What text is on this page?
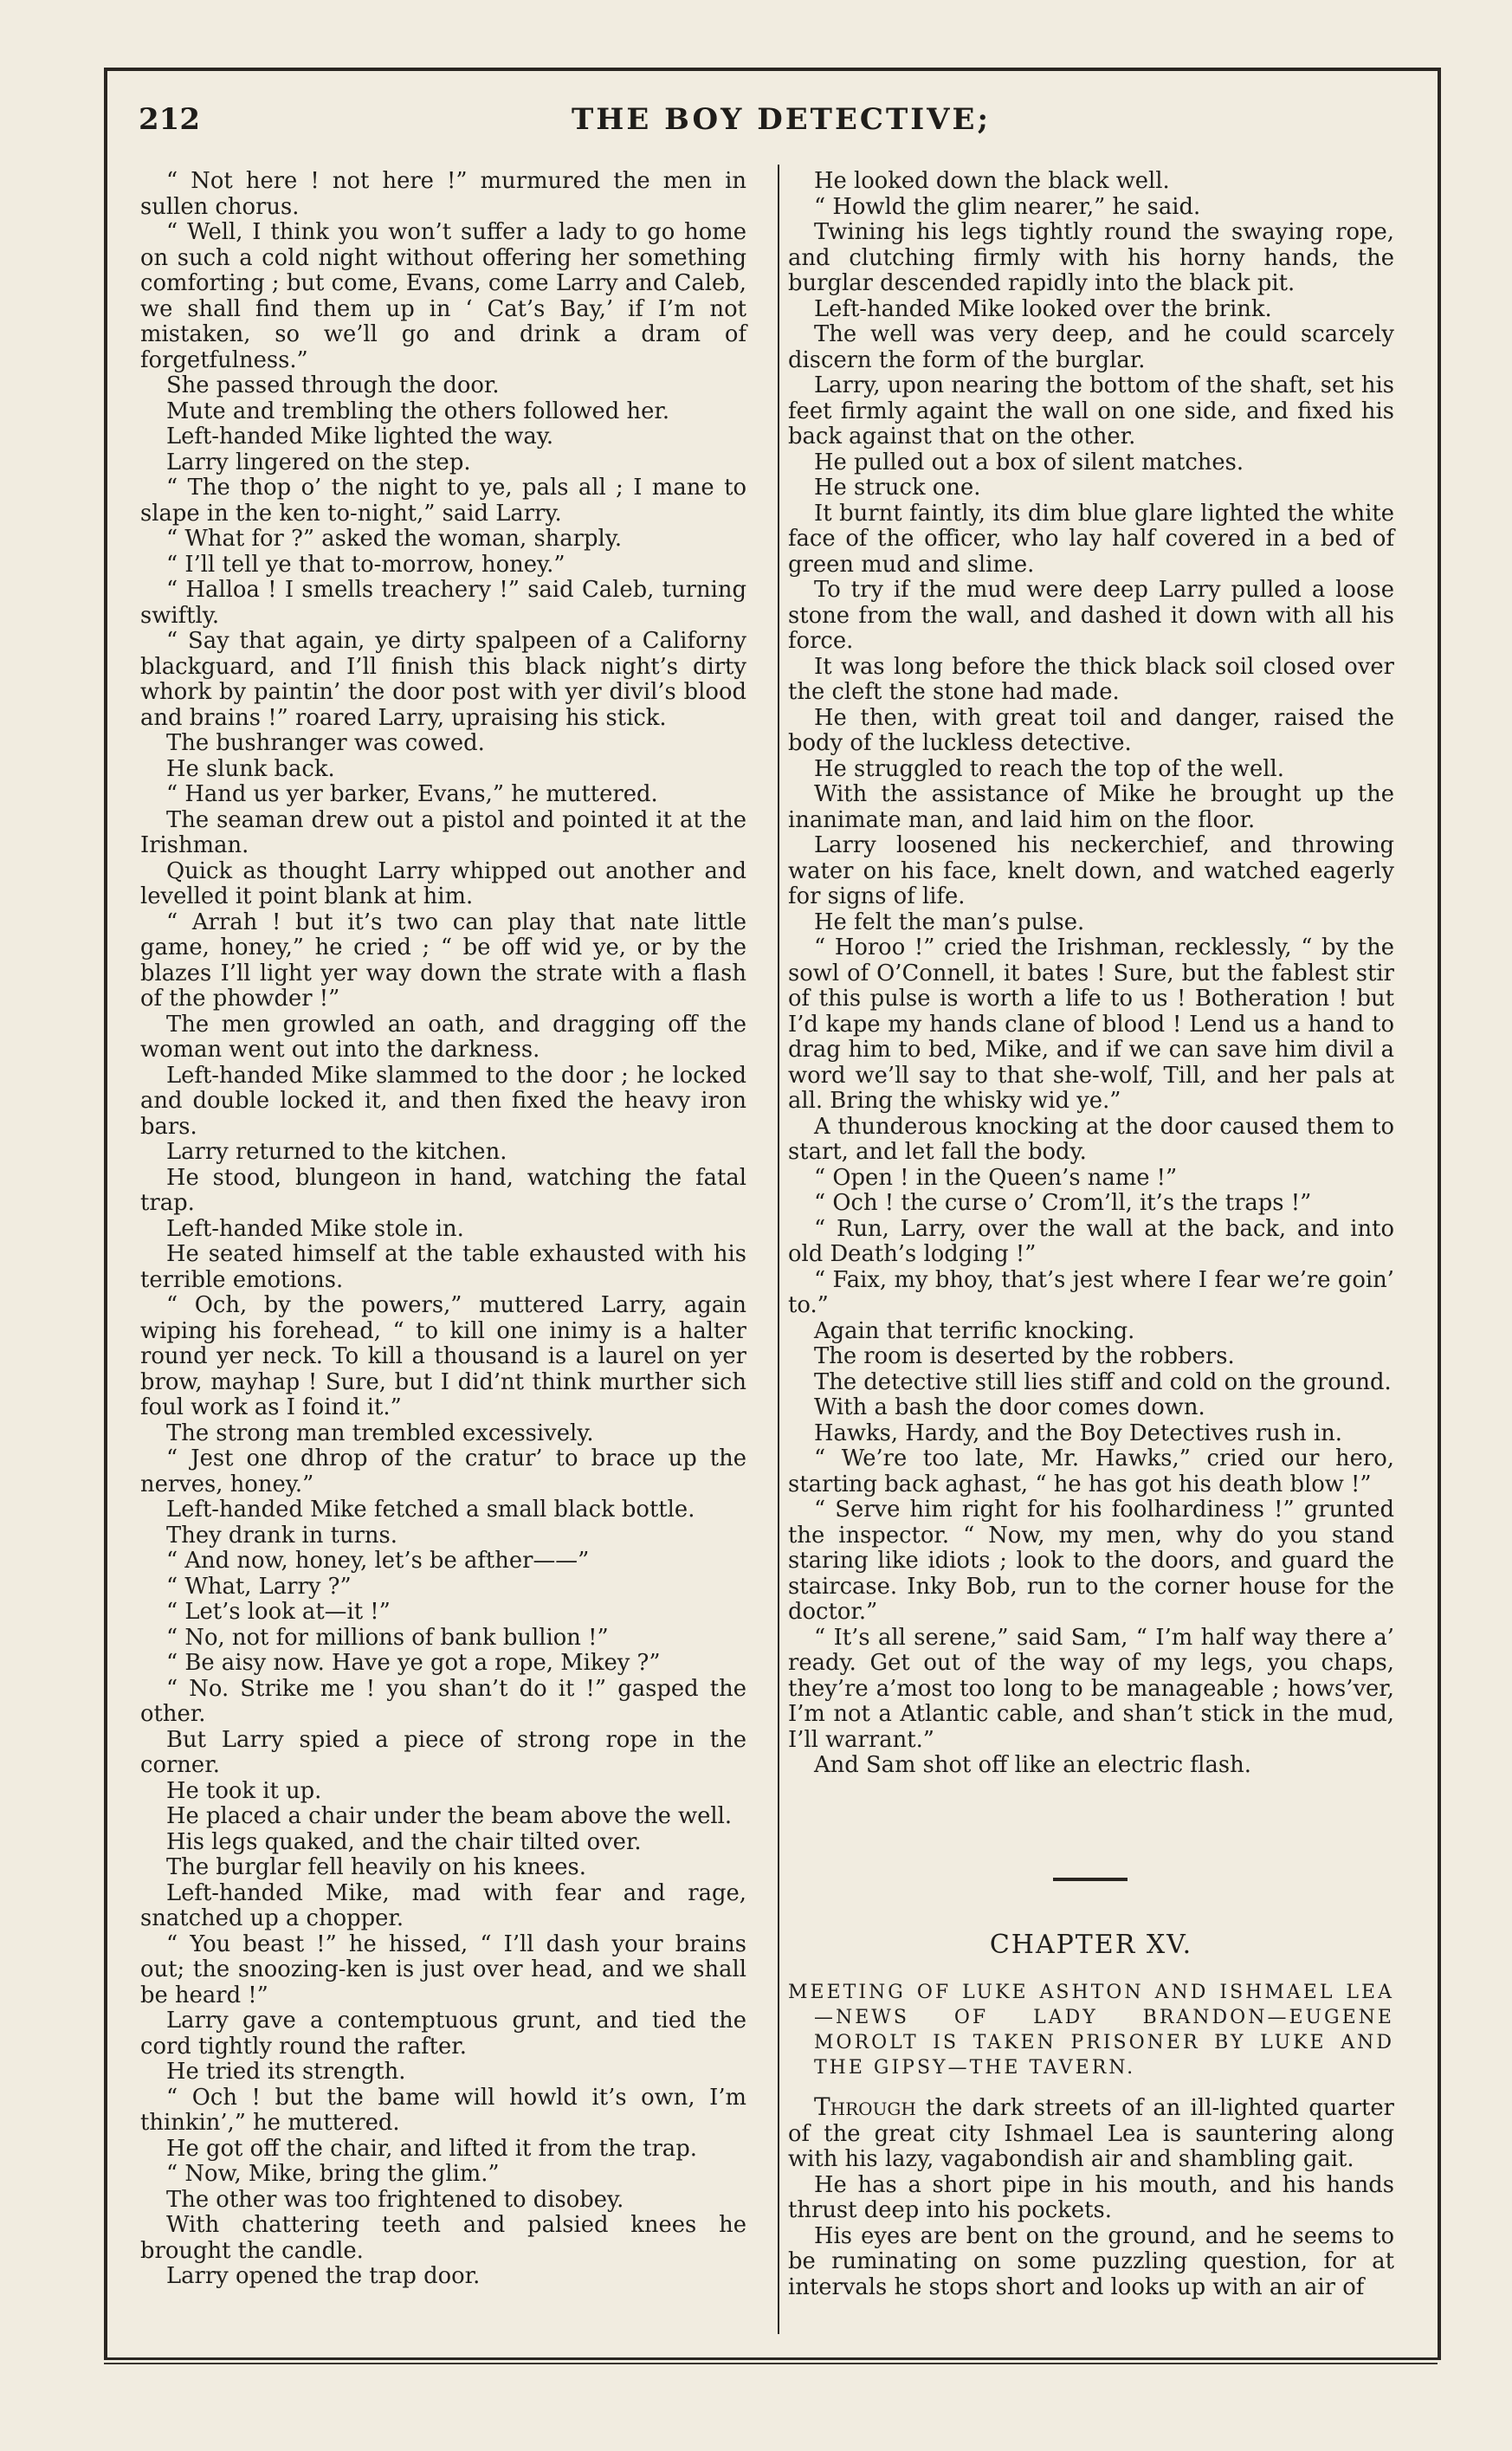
212	THE BOY DETECTIVE;

“ Not here ! not here !” murmured the men in sullen chorus.

“ Well, I think you won’t suffer a lady to go home on such a cold night without offering her something comforting ; but come, Evans, come Larry and Caleb, we shall find them up in ‘ Cat’s Bay,’ if I’m not mistaken, so we’ll go and drink a dram of forgetfulness.”

She passed through the door.

Mute and trembling the others followed her.

Left-handed Mike lighted the way.

Larry lingered on the step.

“ The thop o’ the night to ye, pals all ; I mane to slape in the ken to-night,” said Larry.

“ What for ?” asked the woman, sharply.

“ I’ll tell ye that to-morrow, honey.”

“ Halloa ! I smells treachery !” said Caleb, turning swiftly.

“ Say that again, ye dirty spalpeen of a Californy blackguard, and I’ll finish this black night’s dirty whork by paintin’ the door post with yer divil’s blood and brains !” roared Larry, upraising his stick.

The bushranger was cowed.

He slunk back.

“ Hand us yer barker, Evans,” he muttered.

The seaman drew out a pistol and pointed it at the Irishman.

Quick as thought Larry whipped out another and levelled it point blank at him.

“ Arrah ! but it’s two can play that nate little game, honey,” he cried ; “ be off wid ye, or by the blazes I’ll light yer way down the strate with a flash of the phowder !”

The men growled an oath, and dragging off the woman went out into the darkness.

Left-handed Mike slammed to the door ; he locked and double locked it, and then fixed the heavy iron bars.

Larry returned to the kitchen.

He stood, blungeon in hand, watching the fatal trap.

Left-handed Mike stole in.

He seated himself at the table exhausted with his terrible emotions.

“ Och, by the powers,” muttered Larry, again wiping his forehead, “ to kill one inimy is a halter round yer neck. To kill a thousand is a laurel on yer brow, mayhap ! Sure, but I did’nt think murther sich foul work as I foind it.”

The strong man trembled excessively.

“ Jest one dhrop of the cratur’ to brace up the nerves, honey.”

Left-handed Mike fetched a small black bottle.

They drank in turns.

“ And now, honey, let’s be afther——”

“ What, Larry ?”

“ Let’s look at—it !”

“ No, not for millions of bank bullion !”

“ Be aisy now. Have ye got a rope, Mikey ?”

“ No. Strike me ! you shan’t do it !” gasped the other.

But Larry spied a piece of strong rope in the corner.

He took it up.

He placed a chair under the beam above the well.

His legs quaked, and the chair tilted over.

The burglar fell heavily on his knees.

Left-handed Mike, mad with fear and rage, snatched up a chopper.

“ You beast !” he hissed, “ I’ll dash your brains out; the snoozing-ken is just over head, and we shall be heard !”

Larry gave a contemptuous grunt, and tied the cord tightly round the rafter.

He tried its strength.

“ Och ! but the bame will howld it’s own, I’m thinkin’,” he muttered.

He got off the chair, and lifted it from the trap.

“ Now, Mike, bring the glim.”

The other was too frightened to disobey.

With chattering teeth and palsied knees he brought the candle.

Larry opened the trap door.

He looked down the black well.

“ Howld the glim nearer,” he said.

Twining his legs tightly round the swaying rope, and clutching firmly with his horny hands, the burglar descended rapidly into the black pit.

Left-handed Mike looked over the brink.

The well was very deep, and he could scarcely discern the form of the burglar.

Larry, upon nearing the bottom of the shaft, set his feet firmly againt the wall on one side, and fixed his back against that on the other.

He pulled out a box of silent matches.

He struck one.

It burnt faintly, its dim blue glare lighted the white face of the officer, who lay half covered in a bed of green mud and slime.

To try if the mud were deep Larry pulled a loose stone from the wall, and dashed it down with all his force.

It was long before the thick black soil closed over the cleft the stone had made.

He then, with great toil and danger, raised the body of the luckless detective.

He struggled to reach the top of the well.

With the assistance of Mike he brought up the inanimate man, and laid him on the floor.

Larry loosened his neckerchief, and throwing water on his face, knelt down, and watched eagerly for signs of life.

He felt the man’s pulse.

“ Horoo !” cried the Irishman, recklessly, “ by the sowl of O’Connell, it bates ! Sure, but the fablest stir of this pulse is worth a life to us ! Botheration ! but I’d kape my hands clane of blood ! Lend us a hand to drag him to bed, Mike, and if we can save him divil a word we’ll say to that she-wolf, Till, and her pals at all. Bring the whisky wid ye.”

A thunderous knocking at the door caused them to start, and let fall the body.

“ Open ! in the Queen’s name !”

“ Och ! the curse o’ Crom’ll, it’s the traps !”

“ Run, Larry, over the wall at the back, and into old Death’s lodging !”

“ Faix, my bhoy, that’s jest where I fear we’re goin’ to.”

Again that terrific knocking.

The room is deserted by the robbers.

The detective still lies stiff and cold on the ground.

With a bash the door comes down.

Hawks, Hardy, and the Boy Detectives rush in.

“ We’re too late, Mr. Hawks,” cried our hero, starting back aghast, “ he has got his death blow !”

“ Serve him right for his foolhardiness !” grunted the inspector. “ Now, my men, why do you stand staring like idiots ; look to the doors, and guard the staircase. Inky Bob, run to the corner house for the doctor.”

“ It’s all serene,” said Sam, “ I’m half way there a’ ready. Get out of the way of my legs, you chaps, they’re a’most too long to be manageable ; hows’ver, I’m not a Atlantic cable, and shan’t stick in the mud, I’ll warrant.”

And Sam shot off like an electric flash.

CHAPTER XV.

MEETING OF LUKE ASHTON AND ISHMAEL LEA —NEWS OF LADY BRANDON—EUGENE MOROLT IS TAKEN PRISONER BY LUKE AND THE GIPSY—THE TAVERN.

Through the dark streets of an ill-lighted quarter of the great city Ishmael Lea is sauntering along with his lazy, vagabondish air and shambling gait.

He has a short pipe in his mouth, and his hands thrust deep into his pockets.

His eyes are bent on the ground, and he seems to be ruminating on some puzzling question, for at intervals he stops short and looks up with an air of
